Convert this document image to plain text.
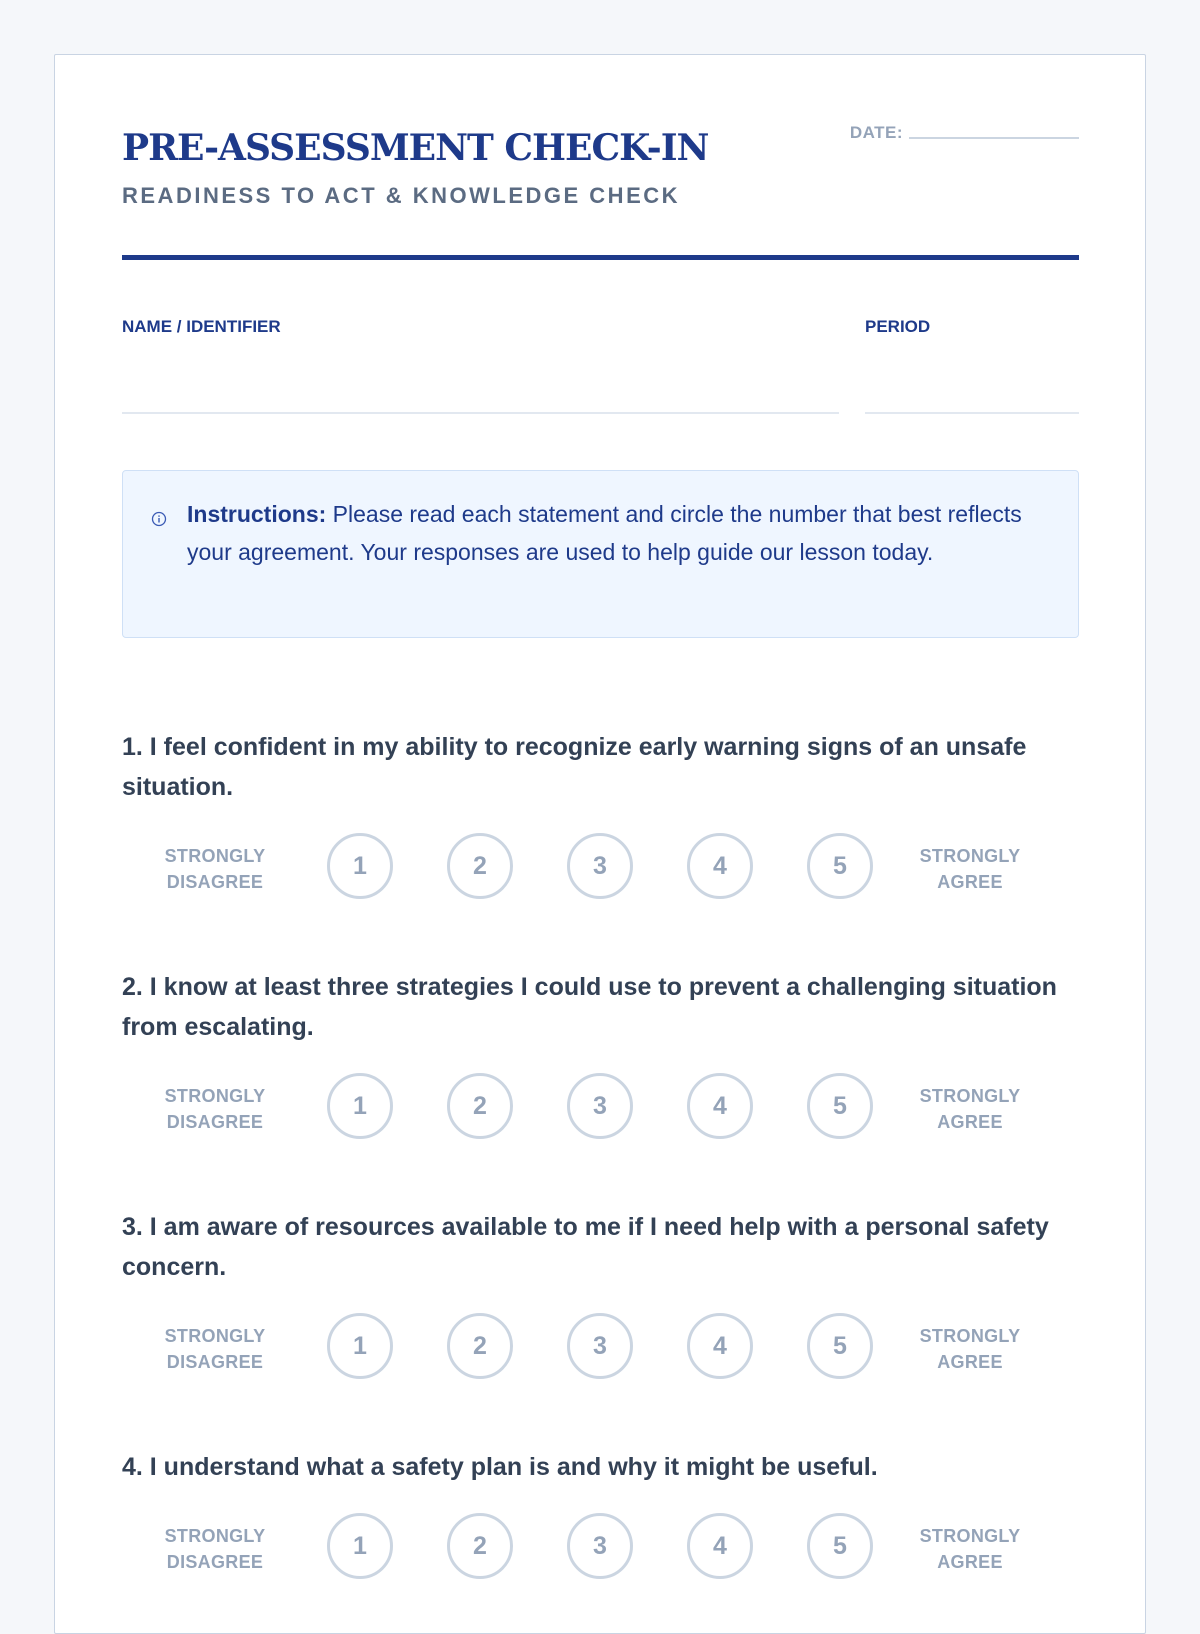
PRE-ASSESSMENT CHECK-IN
READINESS TO ACT & KNOWLEDGE CHECK
DATE:
NAME / IDENTIFIER	PERIOD
Instructions: Please read each statement and circle the number that best reflects your agreement. Your responses are used to help guide our lesson today.

1. I feel confident in my ability to recognize early warning signs of an unsafe situation.

STRONGLY
DISAGREE
1	2	3	4	5	STRONGLY
AGREE

2. I know at least three strategies I could use to prevent a challenging situation from escalating.

STRONGLY
DISAGREE
1	2	3	4	5	STRONGLY
AGREE

3. I am aware of resources available to me if I need help with a personal safety concern.

STRONGLY
DISAGREE
1	2	3	4	5	STRONGLY
AGREE

4. I understand what a safety plan is and why it might be useful.

STRONGLY
DISAGREE
1	2	3	4	5	STRONGLY
AGREE
